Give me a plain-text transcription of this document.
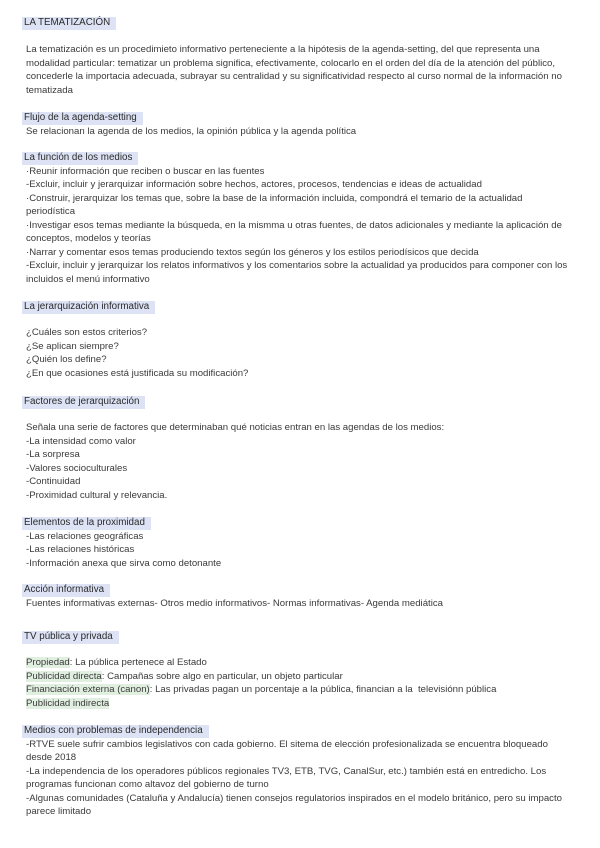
LA TEMATIZACIÓN

La tematización es un procedimieto informativo perteneciente a la hipótesis de la agenda-setting, del que representa una modalidad particular: tematizar un problema significa, efectivamente, colocarlo en el orden del día de la atención del público, concederle la importacia adecuada, subrayar su centralidad y su significatividad respecto al curso normal de la información no tematizada

Flujo de la agenda-setting

Se relacionan la agenda de los medios, la opinión pública y la agenda política

La función de los medios
·Reunir información que reciben o buscar en las fuentes
-Excluir, incluir y jerarquizar información sobre hechos, actores, procesos, tendencias e ideas de actualidad
·Construir, jerarquizar los temas que, sobre la base de la información incluida, compondrá el temario de la actualidad periodística
·Investigar esos temas mediante la búsqueda, en la mismma u otras fuentes, de datos adicionales y mediante la aplicación de conceptos, modelos y teorías
·Narrar y comentar esos temas produciendo textos según los géneros y los estilos periodísicos que decida
-Excluir, incluir y jerarquizar los relatos informativos y los comentarios sobre la actualidad ya producidos para componer con los incluidos el menú informativo
La jerarquización informativa
¿Cuáles son estos criterios?
¿Se aplican siempre?
¿Quién los define?
¿En que ocasiones está justificada su modificación?
Factores de jerarquización
Señala una serie de factores que determinaban qué noticias entran en las agendas de los medios:
-La intensidad como valor
-La sorpresa
-Valores socioculturales
-Continuidad
-Proximidad cultural y relevancia.
Elementos de la proximidad
-Las relaciones geográficas
-Las relaciones históricas
-Información anexa que sirva como detonante
Acción informativa

Fuentes informativas externas- Otros medio informativos- Normas informativas- Agenda mediática

TV pública y privada
Propiedad: La pública pertenece al Estado
Publicidad directa: Campañas sobre algo en particular, un objeto particular
Financiación externa (canon): Las privadas pagan un porcentaje a la pública, financian a la  televisiónn pública
Publicidad indirecta
Medios con problemas de independencia
-RTVE suele sufrir cambios legislativos con cada gobierno. El sitema de elección profesionalizada se encuentra bloqueado desde 2018
-La independencia de los operadores públicos regionales TV3, ETB, TVG, CanalSur, etc.) también está en entredicho. Los programas funcionan como altavoz del gobierno de turno
-Algunas comunidades (Cataluña y Andalucía) tienen consejos regulatorios inspirados en el modelo británico, pero su impacto parece limitado
